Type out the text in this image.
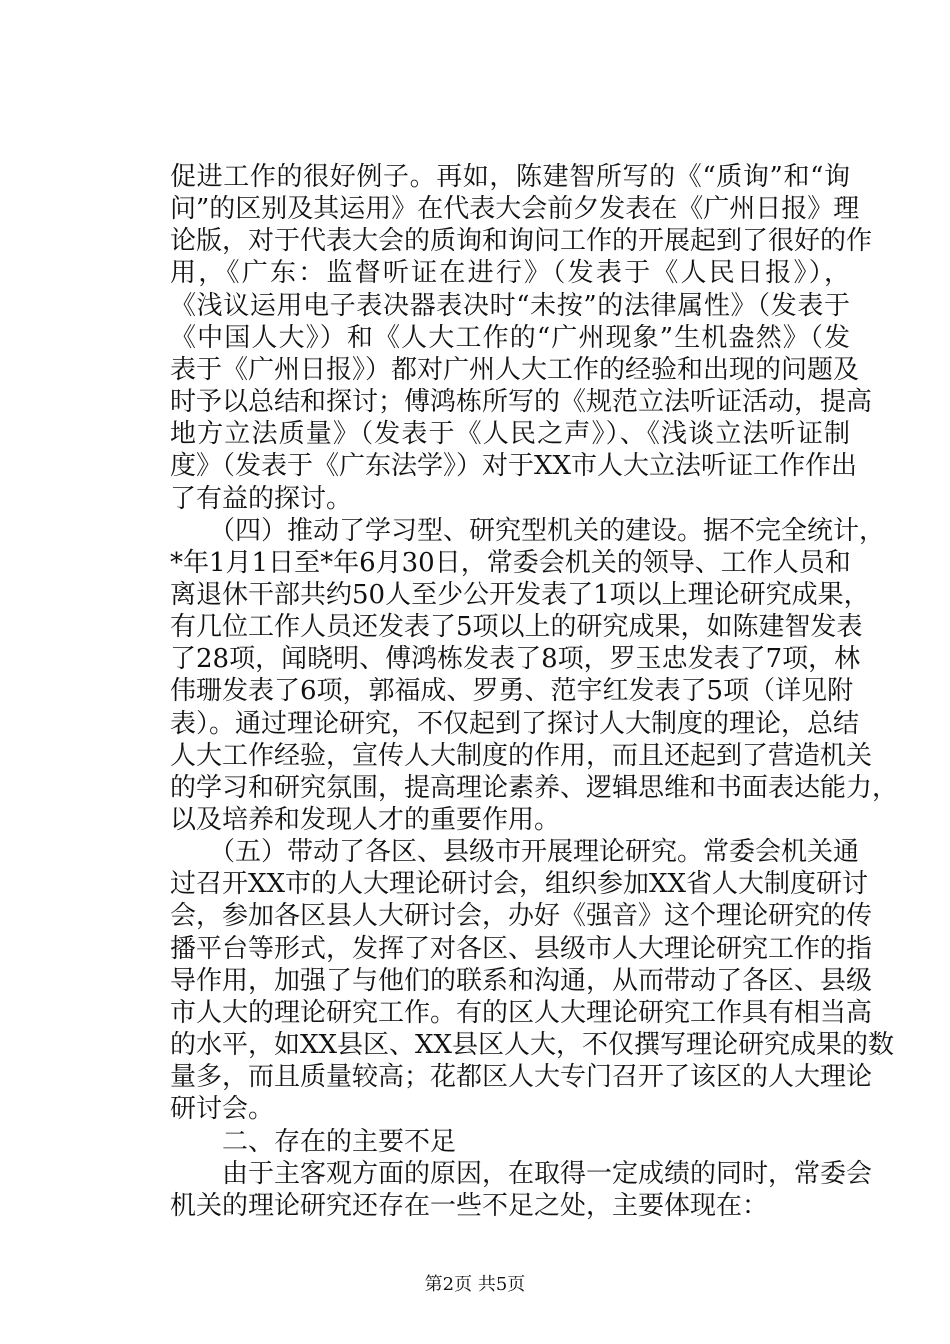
促进工作的很好例子。再如，陈建智所写的《“质询”和“询
问”的区别及其运用》在代表大会前夕发表在《广州日报》理
论版，对于代表大会的质询和询问工作的开展起到了很好的作
用，《广东：监督听证在进行》（发表于《人民日报》），
《浅议运用电子表决器表决时“未按”的法律属性》（发表于
《中国人大》）和《人大工作的“广州现象”生机盎然》（发
表于《广州日报》）都对广州人大工作的经验和出现的问题及
时予以总结和探讨；傅鸿栋所写的《规范立法听证活动，提高
地方立法质量》（发表于《人民之声》）、《浅谈立法听证制
度》（发表于《广东法学》）对于XX市人大立法听证工作作出
了有益的探讨。
　　（四）推动了学习型、研究型机关的建设。据不完全统计，
*年1月1日至*年6月30日，常委会机关的领导、工作人员和
离退休干部共约50人至少公开发表了1项以上理论研究成果，
有几位工作人员还发表了5项以上的研究成果，如陈建智发表
了28项，闻晓明、傅鸿栋发表了8项，罗玉忠发表了7项，林
伟珊发表了6项，郭福成、罗勇、范宇红发表了5项（详见附
表）。通过理论研究，不仅起到了探讨人大制度的理论，总结
人大工作经验，宣传人大制度的作用，而且还起到了营造机关
的学习和研究氛围，提高理论素养、逻辑思维和书面表达能力，
以及培养和发现人才的重要作用。
　　（五）带动了各区、县级市开展理论研究。常委会机关通
过召开XX市的人大理论研讨会，组织参加XX省人大制度研讨
会，参加各区县人大研讨会，办好《强音》这个理论研究的传
播平台等形式，发挥了对各区、县级市人大理论研究工作的指
导作用，加强了与他们的联系和沟通，从而带动了各区、县级
市人大的理论研究工作。有的区人大理论研究工作具有相当高
的水平，如XX县区、XX县区人大，不仅撰写理论研究成果的数
量多，而且质量较高；花都区人大专门召开了该区的人大理论
研讨会。
　　二、存在的主要不足
　　由于主客观方面的原因，在取得一定成绩的同时，常委会
机关的理论研究还存在一些不足之处，主要体现在：
第2页 共5页
